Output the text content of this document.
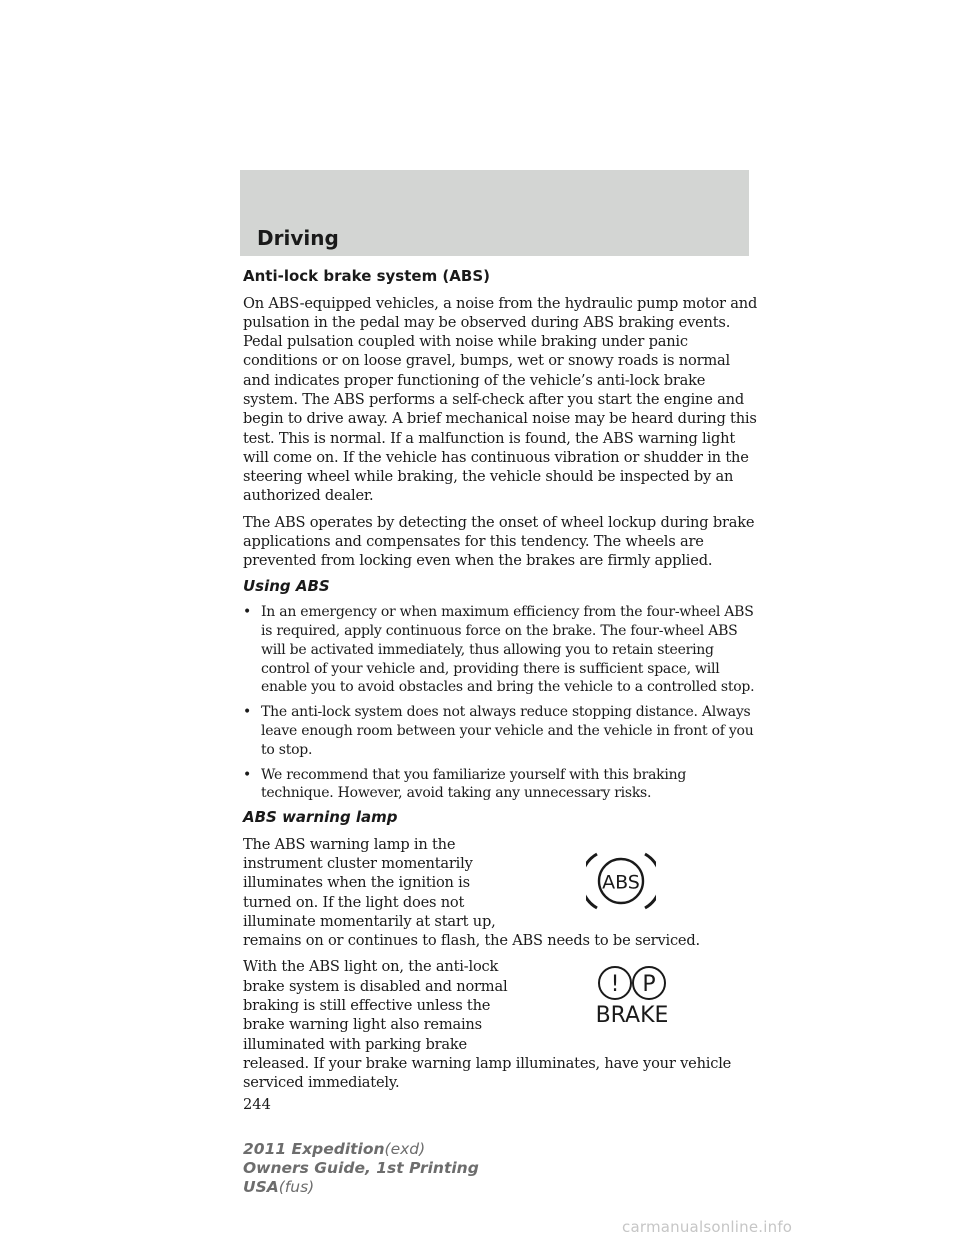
Driving
Anti-lock brake system (ABS)

On ABS-equipped vehicles, a noise from the hydraulic pump motor and pulsation in the pedal may be observed during ABS braking events. Pedal pulsation coupled with noise while braking under panic conditions or on loose gravel, bumps, wet or snowy roads is normal and indicates proper functioning of the vehicle’s anti-lock brake system. The ABS performs a self-check after you start the engine and begin to drive away. A brief mechanical noise may be heard during this test. This is normal. If a malfunction is found, the ABS warning light will come on. If the vehicle has continuous vibration or shudder in the steering wheel while braking, the vehicle should be inspected by an authorized dealer.

The ABS operates by detecting the onset of wheel lockup during brake applications and compensates for this tendency. The wheels are prevented from locking even when the brakes are firmly applied.

Using ABS
• In an emergency or when maximum efficiency from the four-wheel ABS is required, apply continuous force on the brake. The four-wheel ABS will be activated immediately, thus allowing you to retain steering control of your vehicle and, providing there is sufficient space, will enable you to avoid obstacles and bring the vehicle to a controlled stop.
• The anti-lock system does not always reduce stopping distance. Always leave enough room between your vehicle and the vehicle in front of you to stop.
• We recommend that you familiarize yourself with this braking technique. However, avoid taking any unnecessary risks.
ABS warning lamp

The ABS warning lamp in the instrument cluster momentarily illuminates when the ignition is turned on. If the light does not illuminate momentarily at start up,

ABS

remains on or continues to flash, the ABS needs to be serviced.

With the ABS light on, the anti-lock brake system is disabled and normal braking is still effective unless the brake warning light also remains illuminated with parking brake

! P
BRAKE

released. If your brake warning lamp illuminates, have your vehicle serviced immediately.

244
2011 Expedition(exd)
Owners Guide, 1st Printing
USA(fus)
carmanualsonline.info
